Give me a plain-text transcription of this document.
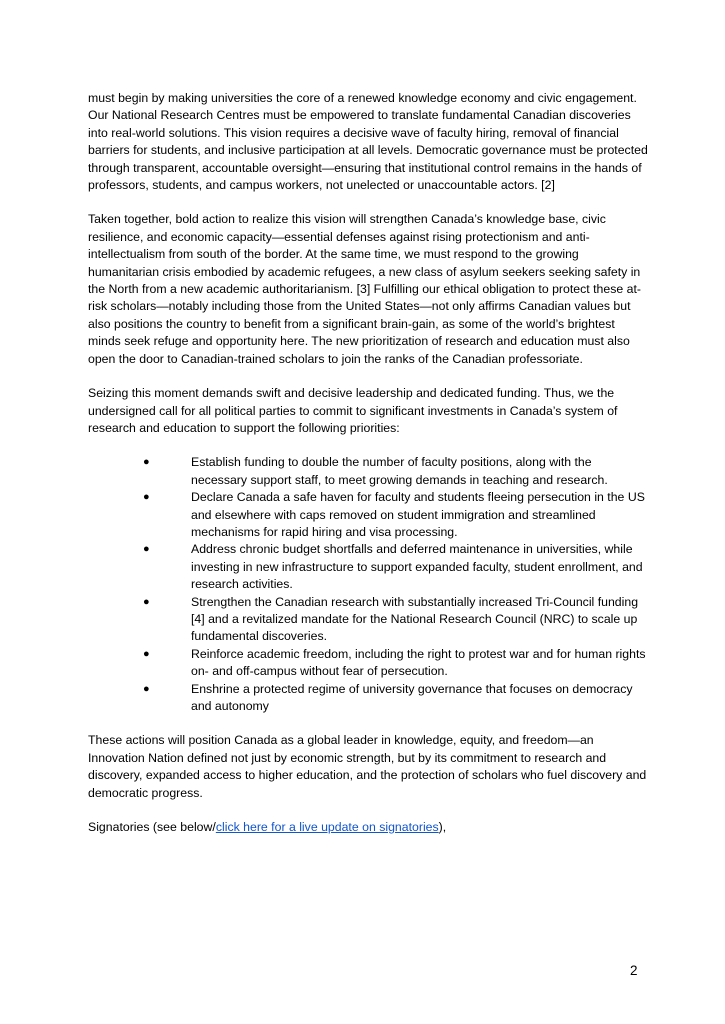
must begin by making universities the core of a renewed knowledge economy and civic engagement. Our National Research Centres must be empowered to translate fundamental Canadian discoveries into real-world solutions. This vision requires a decisive wave of faculty hiring, removal of financial barriers for students, and inclusive participation at all levels. Democratic governance must be protected through transparent, accountable oversight—ensuring that institutional control remains in the hands of professors, students, and campus workers, not unelected or unaccountable actors. [2]

Taken together, bold action to realize this vision will strengthen Canada’s knowledge base, civic resilience, and economic capacity—essential defenses against rising protectionism and anti-intellectualism from south of the border. At the same time, we must respond to the growing humanitarian crisis embodied by academic refugees, a new class of asylum seekers seeking safety in the North from a new academic authoritarianism. [3] Fulfilling our ethical obligation to protect these at-risk scholars—notably including those from the United States—not only affirms Canadian values but also positions the country to benefit from a significant brain-gain, as some of the world’s brightest minds seek refuge and opportunity here. The new prioritization of research and education must also open the door to Canadian-trained scholars to join the ranks of the Canadian professoriate.

Seizing this moment demands swift and decisive leadership and dedicated funding. Thus, we the undersigned call for all political parties to commit to significant investments in Canada’s system of research and education to support the following priorities:

●	Establish funding to double the number of faculty positions, along with the necessary support staff, to meet growing demands in teaching and research.
●	Declare Canada a safe haven for faculty and students fleeing persecution in the US and elsewhere with caps removed on student immigration and streamlined mechanisms for rapid hiring and visa processing.
●	Address chronic budget shortfalls and deferred maintenance in universities, while investing in new infrastructure to support expanded faculty, student enrollment, and research activities.
●	Strengthen the Canadian research with substantially increased Tri-Council funding [4] and a revitalized mandate for the National Research Council (NRC) to scale up fundamental discoveries.
●	Reinforce academic freedom, including the right to protest war and for human rights on- and off-campus without fear of persecution.
●	Enshrine a protected regime of university governance that focuses on democracy and autonomy

These actions will position Canada as a global leader in knowledge, equity, and freedom—an Innovation Nation defined not just by economic strength, but by its commitment to research and discovery, expanded access to higher education, and the protection of scholars who fuel discovery and democratic progress.

Signatories (see below/click here for a live update on signatories),

2
